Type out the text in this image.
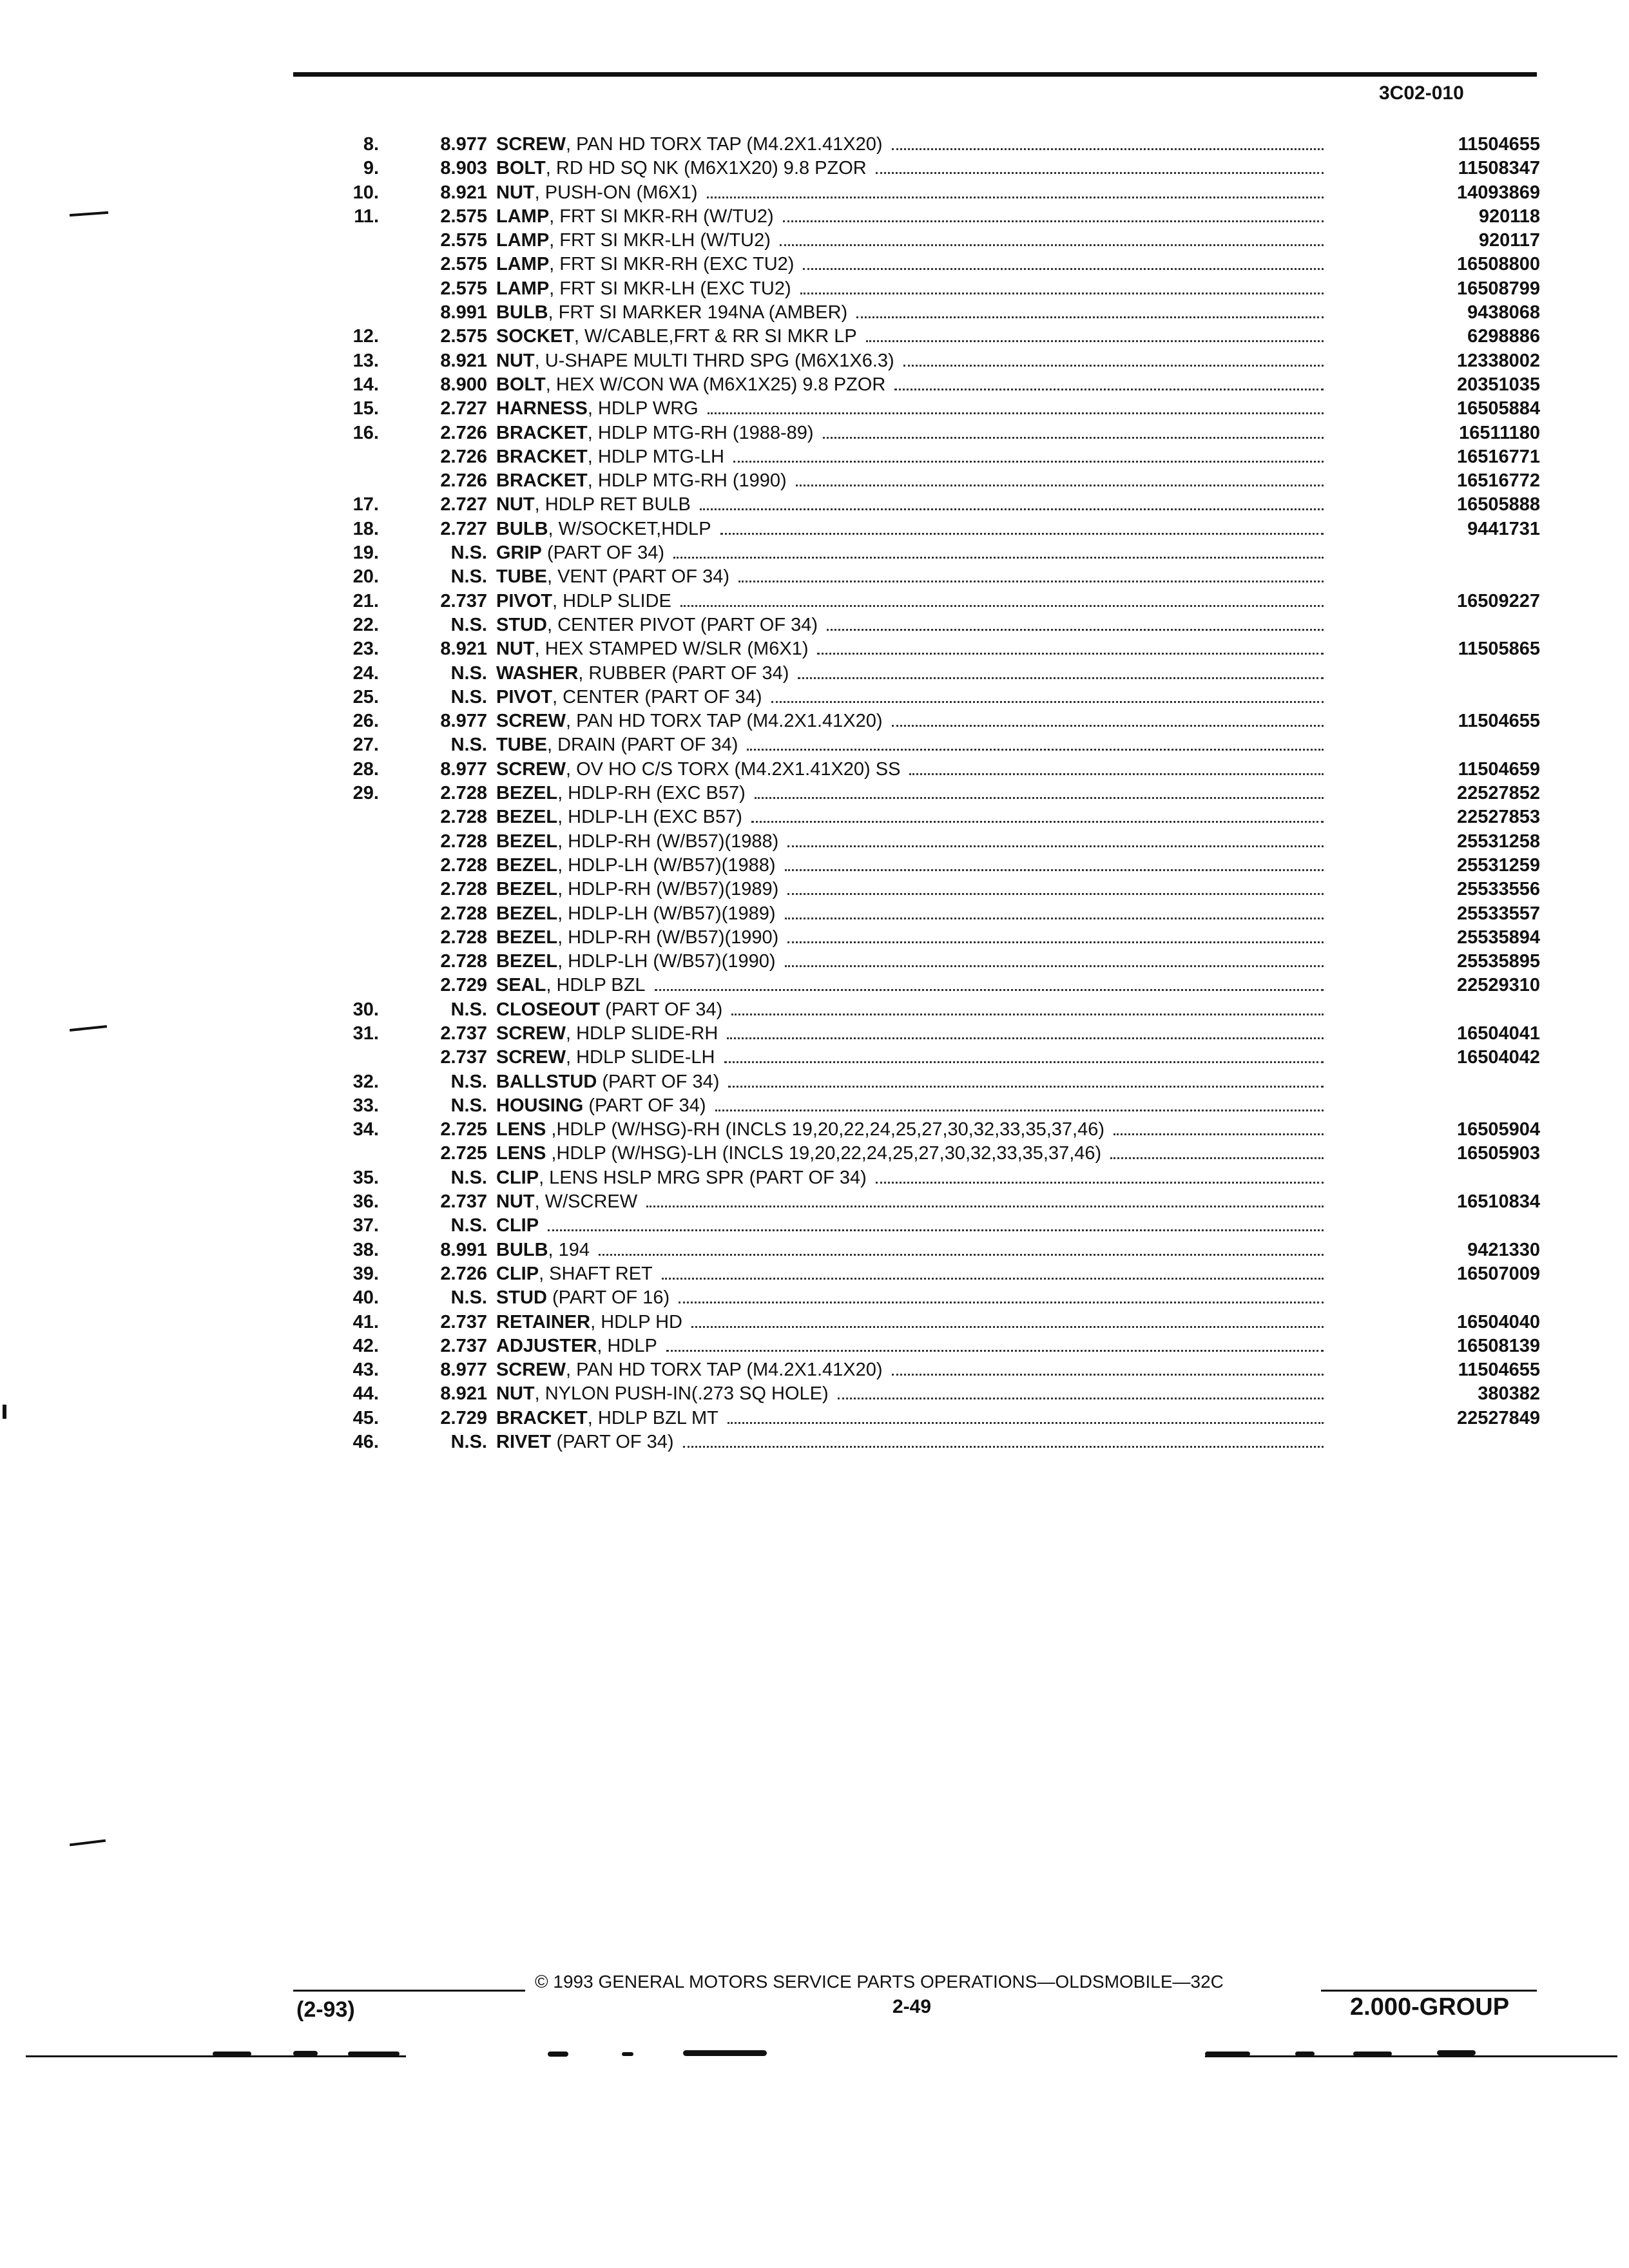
3C02-010
8.	8.977 SCREW , PAN HD TORX TAP (M4.2X1.41X20)	11504655
9.	8.903 BOLT , RD HD SQ NK (M6X1X20) 9.8 PZOR	11508347
10.	8.921 NUT , PUSH-ON (M6X1)	14093869
11.	2.575 LAMP , FRT SI MKR-RH (W/TU2)	920118
2.575 LAMP , FRT SI MKR-LH (W/TU2)	920117
2.575 LAMP , FRT SI MKR-RH (EXC TU2)	16508800
2.575 LAMP , FRT SI MKR-LH (EXC TU2)	16508799
8.991 BULB , FRT SI MARKER 194NA (AMBER)	9438068
12.	2.575 SOCKET , W/CABLE,FRT & RR SI MKR LP	6298886
13.	8.921 NUT , U-SHAPE MULTI THRD SPG (M6X1X6.3)	12338002
14.	8.900 BOLT , HEX W/CON WA (M6X1X25) 9.8 PZOR	20351035
15.	2.727 HARNESS , HDLP WRG	16505884
16.	2.726 BRACKET , HDLP MTG-RH (1988-89)	16511180
2.726 BRACKET , HDLP MTG-LH	16516771
2.726 BRACKET , HDLP MTG-RH (1990)	16516772
17.	2.727 NUT , HDLP RET BULB	16505888
18.	2.727 BULB , W/SOCKET,HDLP	9441731
19.	N.S. GRIP (PART OF 34)
20.	N.S. TUBE , VENT (PART OF 34)
21.	2.737 PIVOT , HDLP SLIDE	16509227
22.	N.S. STUD , CENTER PIVOT (PART OF 34)
23.	8.921 NUT , HEX STAMPED W/SLR (M6X1)	11505865
24.	N.S. WASHER , RUBBER (PART OF 34)
25.	N.S. PIVOT , CENTER (PART OF 34)
26.	8.977 SCREW , PAN HD TORX TAP (M4.2X1.41X20)	11504655
27.	N.S. TUBE , DRAIN (PART OF 34)
28.	8.977 SCREW , OV HO C/S TORX (M4.2X1.41X20) SS	11504659
29.	2.728 BEZEL , HDLP-RH (EXC B57)	22527852
2.728 BEZEL , HDLP-LH (EXC B57)	22527853
2.728 BEZEL , HDLP-RH (W/B57)(1988)	25531258
2.728 BEZEL , HDLP-LH (W/B57)(1988)	25531259
2.728 BEZEL , HDLP-RH (W/B57)(1989)	25533556
2.728 BEZEL , HDLP-LH (W/B57)(1989)	25533557
2.728 BEZEL , HDLP-RH (W/B57)(1990)	25535894
2.728 BEZEL , HDLP-LH (W/B57)(1990)	25535895
2.729 SEAL , HDLP BZL	22529310
30.	N.S. CLOSEOUT (PART OF 34)
31.	2.737 SCREW , HDLP SLIDE-RH	16504041
2.737 SCREW , HDLP SLIDE-LH	16504042
32.	N.S. BALLSTUD (PART OF 34)
33.	N.S. HOUSING (PART OF 34)
34.	2.725 LENS ,HDLP (W/HSG)-RH (INCLS 19,20,22,24,25,27,30,32,33,35,37,46)	16505904
2.725 LENS ,HDLP (W/HSG)-LH (INCLS 19,20,22,24,25,27,30,32,33,35,37,46)	16505903
35.	N.S. CLIP , LENS HSLP MRG SPR (PART OF 34)
36.	2.737 NUT , W/SCREW	16510834
37.	N.S. CLIP
38.	8.991 BULB , 194	9421330
39.	2.726 CLIP , SHAFT RET	16507009
40.	N.S. STUD (PART OF 16)
41.	2.737 RETAINER , HDLP HD	16504040
42.	2.737 ADJUSTER , HDLP	16508139
43.	8.977 SCREW , PAN HD TORX TAP (M4.2X1.41X20)	11504655
44.	8.921 NUT , NYLON PUSH-IN(.273 SQ HOLE)	380382
45.	2.729 BRACKET , HDLP BZL MT	22527849
46.	N.S. RIVET (PART OF 34)
© 1993 GENERAL MOTORS SERVICE PARTS OPERATIONS—OLDSMOBILE—32C
(2-93)	2-49	2.000-GROUP
